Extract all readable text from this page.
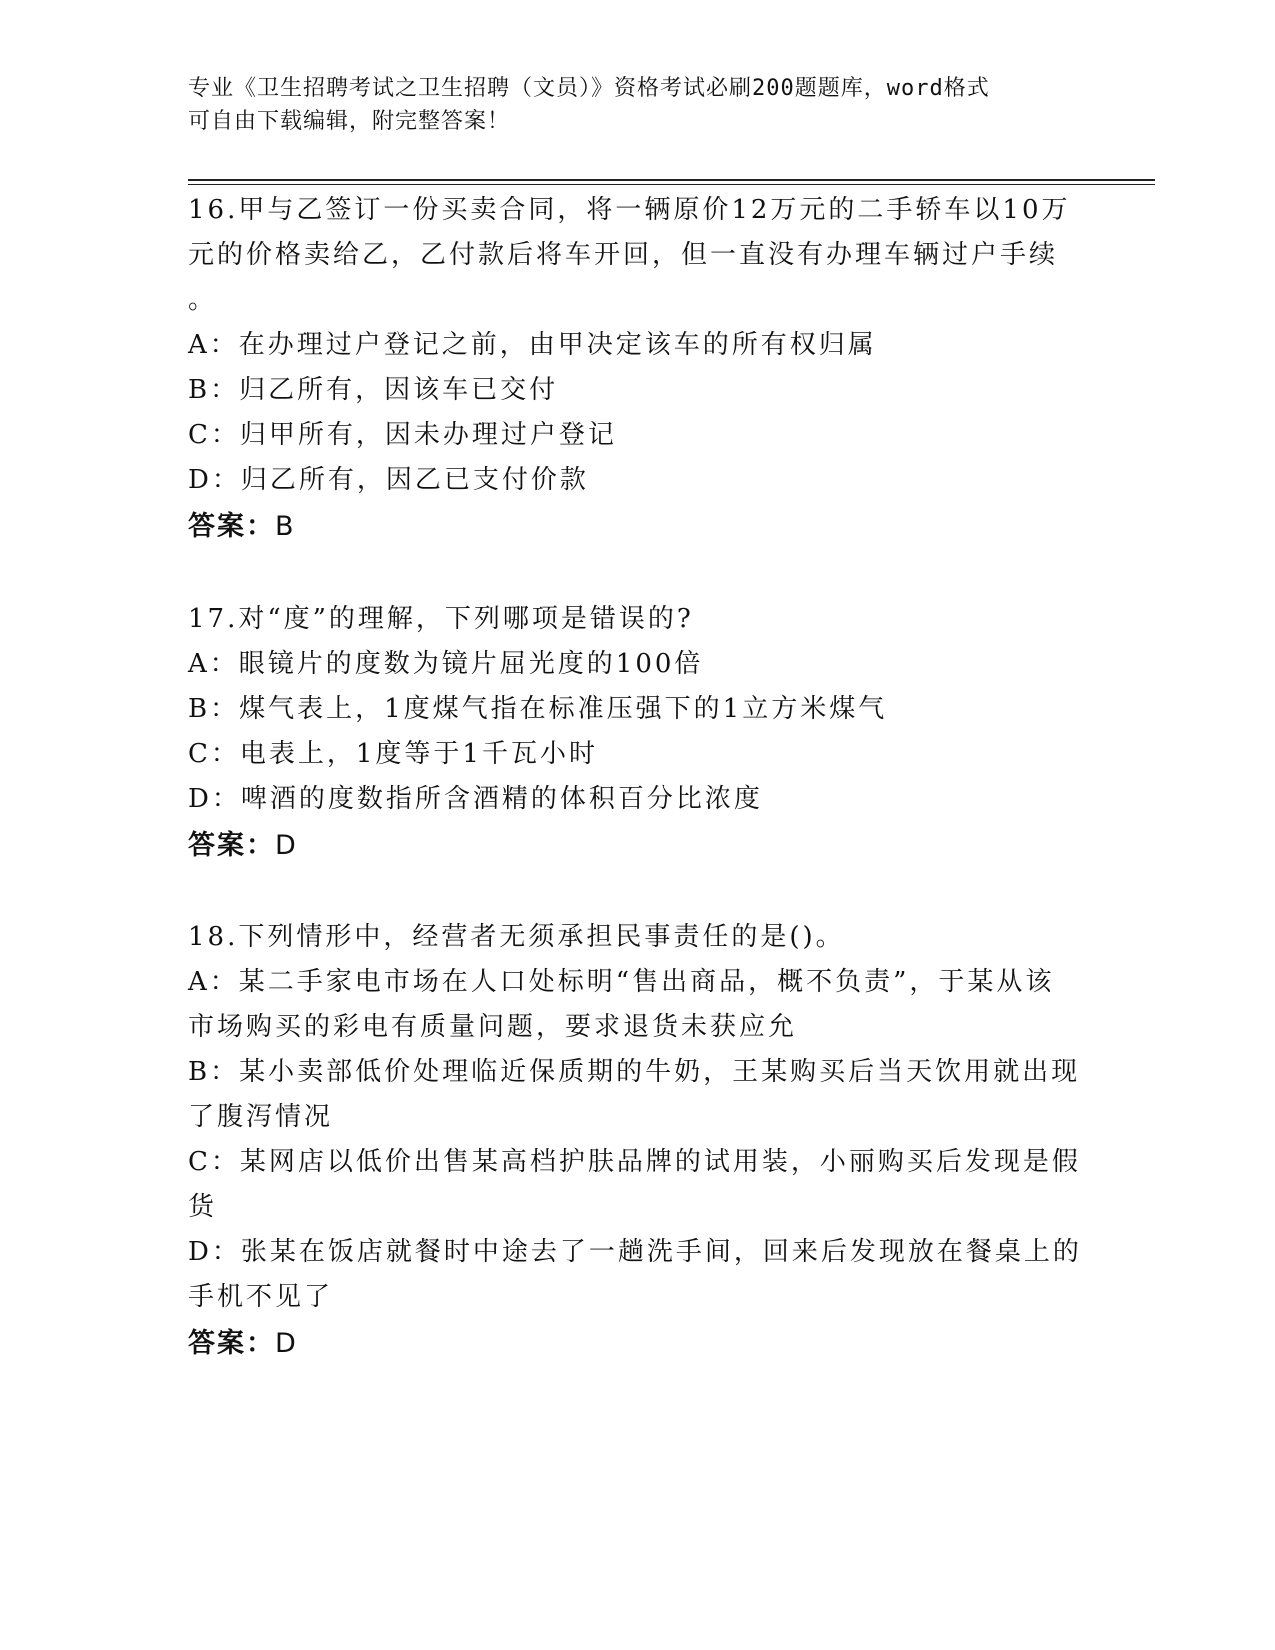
专业《卫生招聘考试之卫生招聘（文员）》资格考试必刷200题题库，word格式
可自由下载编辑，附完整答案！
16.甲与乙签订一份买卖合同，将一辆原价12万元的二手轿车以10万
元的价格卖给乙，乙付款后将车开回，但一直没有办理车辆过户手续
。
A：在办理过户登记之前，由甲决定该车的所有权归属
B：归乙所有，因该车已交付
C：归甲所有，因未办理过户登记
D：归乙所有，因乙已支付价款
答案：B
17.对“度”的理解，下列哪项是错误的?
A：眼镜片的度数为镜片屈光度的100倍
B：煤气表上，1度煤气指在标准压强下的1立方米煤气
C：电表上，1度等于1千瓦小时
D：啤酒的度数指所含酒精的体积百分比浓度
答案：D
18.下列情形中，经营者无须承担民事责任的是()。
A：某二手家电市场在人口处标明“售出商品，概不负责”，于某从该
市场购买的彩电有质量问题，要求退货未获应允
B：某小卖部低价处理临近保质期的牛奶，王某购买后当天饮用就出现
了腹泻情况
C：某网店以低价出售某高档护肤品牌的试用装，小丽购买后发现是假
货
D：张某在饭店就餐时中途去了一趟洗手间，回来后发现放在餐桌上的
手机不见了
答案：D
